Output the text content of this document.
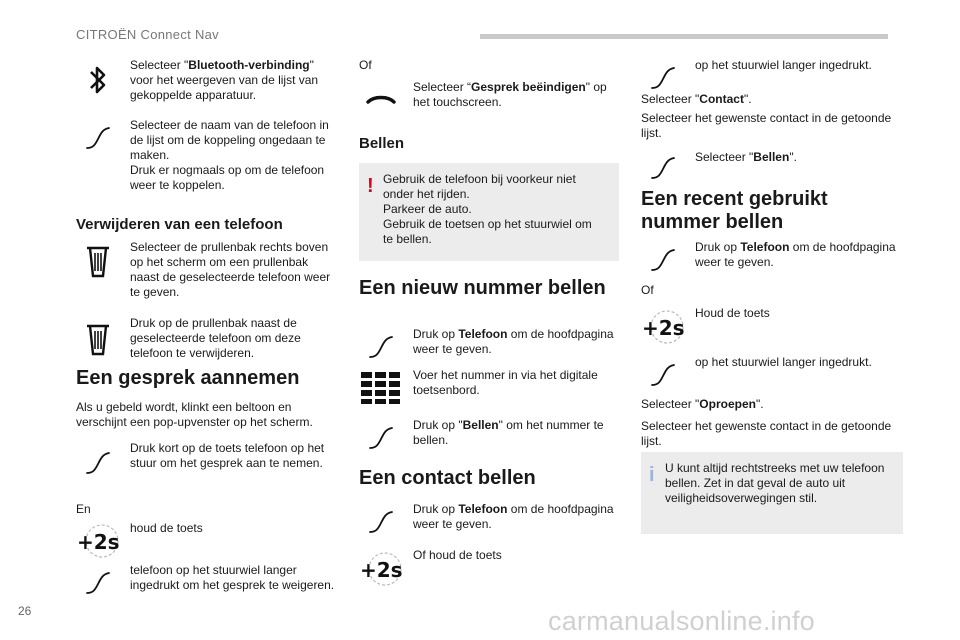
CITROËN Connect Nav
Selecteer "Bluetooth-verbinding" voor het weergeven van de lijst van gekoppelde apparatuur.
Selecteer de naam van de telefoon in de lijst om de koppeling ongedaan te maken.
Druk er nogmaals op om de telefoon weer te koppelen.
Verwijderen van een telefoon
Selecteer de prullenbak rechts boven op het scherm om een prullenbak naast de geselecteerde telefoon weer te geven.
Druk op de prullenbak naast de geselecteerde telefoon om deze telefoon te verwijderen.
Een gesprek aannemen
Als u gebeld wordt, klinkt een beltoon en verschijnt een pop-upvenster op het scherm.
Druk kort op de toets telefoon op het stuur om het gesprek aan te nemen.
En
+2s
houd de toets
telefoon op het stuurwiel langer ingedrukt om het gesprek te weigeren.
Of
Selecteer “Gesprek beëindigen" op het touchscreen.
Bellen
! Gebruik de telefoon bij voorkeur niet onder het rijden.
Parkeer de auto.
Gebruik de toetsen op het stuurwiel om te bellen.
Een nieuw nummer bellen
Druk op Telefoon om de hoofdpagina weer te geven.
Voer het nummer in via het digitale toetsenbord.
Druk op "Bellen" om het nummer te bellen.
Een contact bellen
Druk op Telefoon om de hoofdpagina weer te geven.
+2s
Of houd de toets
op het stuurwiel langer ingedrukt.
Selecteer "Contact".
Selecteer het gewenste contact in de getoonde lijst.
Selecteer "Bellen".
Een recent gebruikt nummer bellen
Druk op Telefoon om de hoofdpagina weer te geven.
Of
+2s
Houd de toets
op het stuurwiel langer ingedrukt.
Selecteer "Oproepen".
Selecteer het gewenste contact in de getoonde lijst.
i U kunt altijd rechtstreeks met uw telefoon bellen. Zet in dat geval de auto uit veiligheidsoverwegingen stil.
26	carmanualsonline.info
